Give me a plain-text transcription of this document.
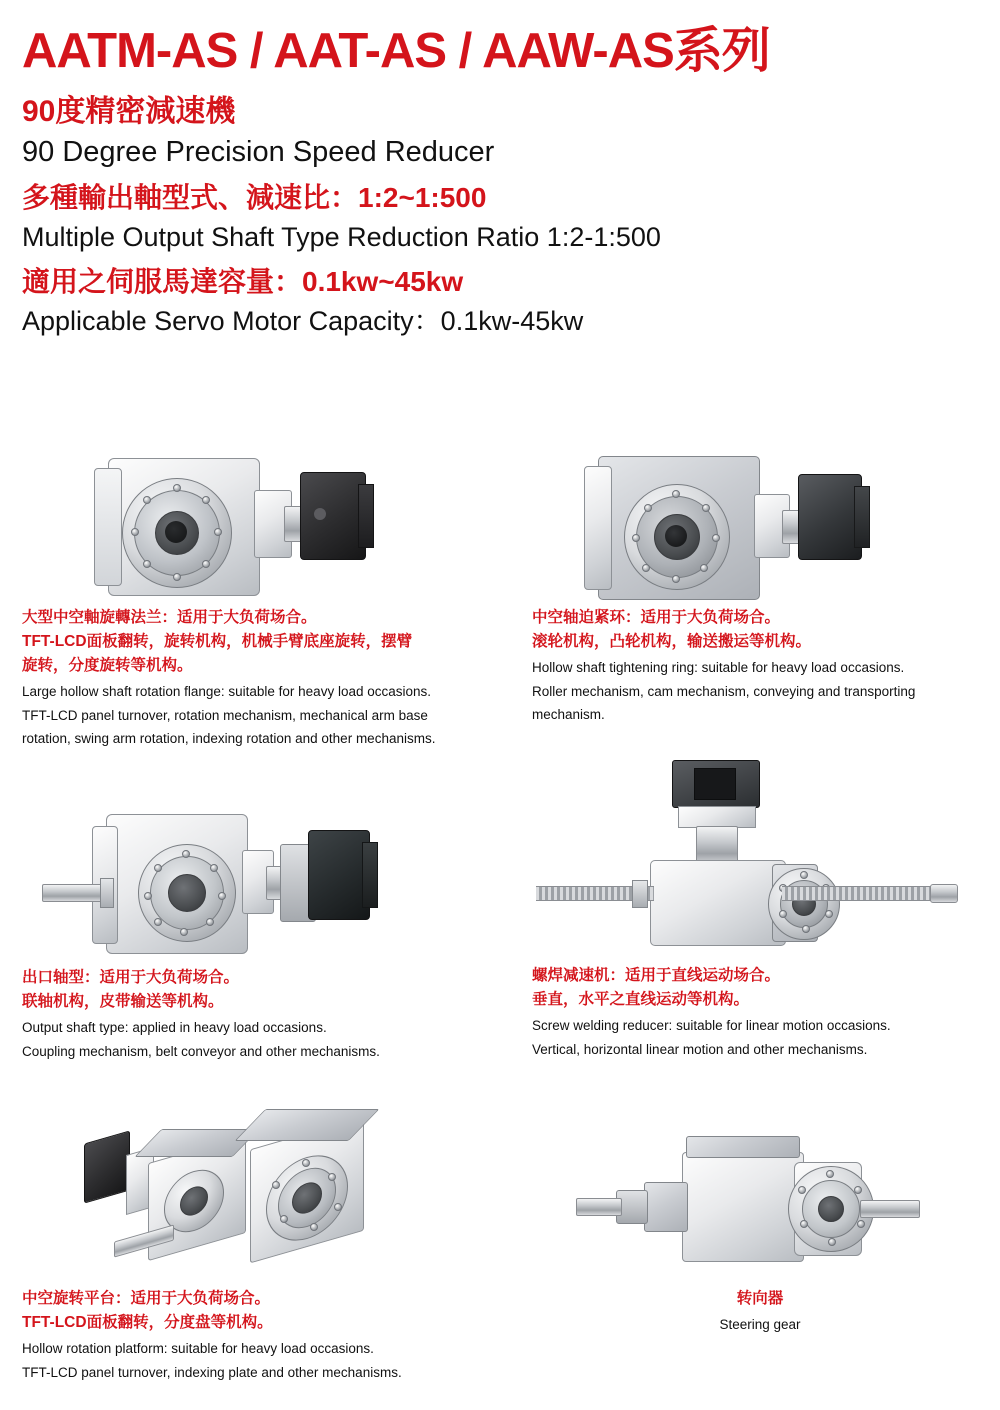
AATM-AS / AAT-AS / AAW-AS系列
90度精密減速機
90 Degree Precision Speed Reducer
多種輸出軸型式、減速比：1:2~1:500
Multiple Output Shaft Type Reduction Ratio 1:2-1:500
適用之伺服馬達容量：0.1kw~45kw
Applicable Servo Motor Capacity：0.1kw-45kw
大型中空軸旋轉法兰：适用于大负荷场合。
TFT-LCD面板翻转，旋转机构，机械手臂底座旋转，摆臂
旋转，分度旋转等机构。
Large hollow shaft rotation flange: suitable for heavy load occasions.
TFT-LCD panel turnover, rotation mechanism, mechanical arm base
rotation, swing arm rotation, indexing rotation and other mechanisms.
中空轴迫紧环：适用于大负荷场合。
滚轮机构，凸轮机构，输送搬运等机构。
Hollow shaft tightening ring: suitable for heavy load occasions.
Roller mechanism, cam mechanism, conveying and transporting
mechanism.
出口轴型：适用于大负荷场合。
联轴机构，皮带输送等机构。
Output shaft type: applied in heavy load occasions.
Coupling mechanism, belt conveyor and other mechanisms.
螺焊减速机：适用于直线运动场合。
垂直，水平之直线运动等机构。
Screw welding reducer: suitable for linear motion occasions.
Vertical, horizontal linear motion and other mechanisms.
中空旋转平台：适用于大负荷场合。
TFT-LCD面板翻转，分度盘等机构。
Hollow rotation platform: suitable for heavy load occasions.
TFT-LCD panel turnover, indexing plate and other mechanisms.
转向器
Steering gear
